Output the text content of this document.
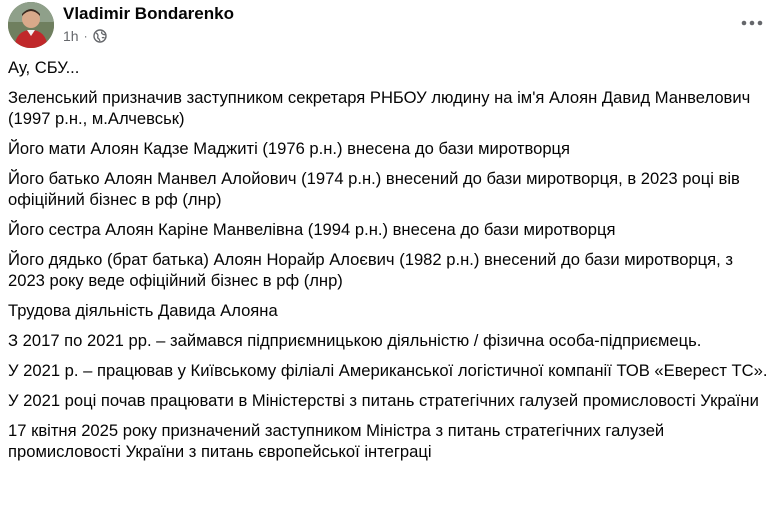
Vladimir Bondarenko
1h ·

Ау, СБУ...

Зеленський призначив заступником секретаря РНБОУ людину на ім'я Алоян Давид Манвелович (1997 р.н., м.Алчевськ)

Його мати Алоян Кадзе Маджиті (1976 р.н.) внесена до бази миротворця

Його батько Алоян Манвел Алойович (1974 р.н.) внесений до бази миротворця, в 2023 році вів офіційний бізнес в рф (лнр)

Його сестра Алоян Каріне Манвелівна (1994 р.н.) внесена до бази миротворця

Його дядько (брат батька) Алоян Норайр Алоєвич (1982 р.н.) внесений до бази миротворця, з 2023 року веде офіційний бізнес в рф (лнр)

Трудова діяльність Давида Алояна

З 2017 по 2021 рр. – займався підприємницькою діяльністю / фізична особа-підприємець.

У 2021 р. – працював у Київському філіалі Американської логістичної компанії ТОВ «Еверест ТС».

У 2021 році почав працювати в Міністерстві з питань стратегічних галузей промисловості України

17 квітня 2025 року призначений заступником Міністра з питань стратегічних галузей промисловості України з питань європейської інтеграці
